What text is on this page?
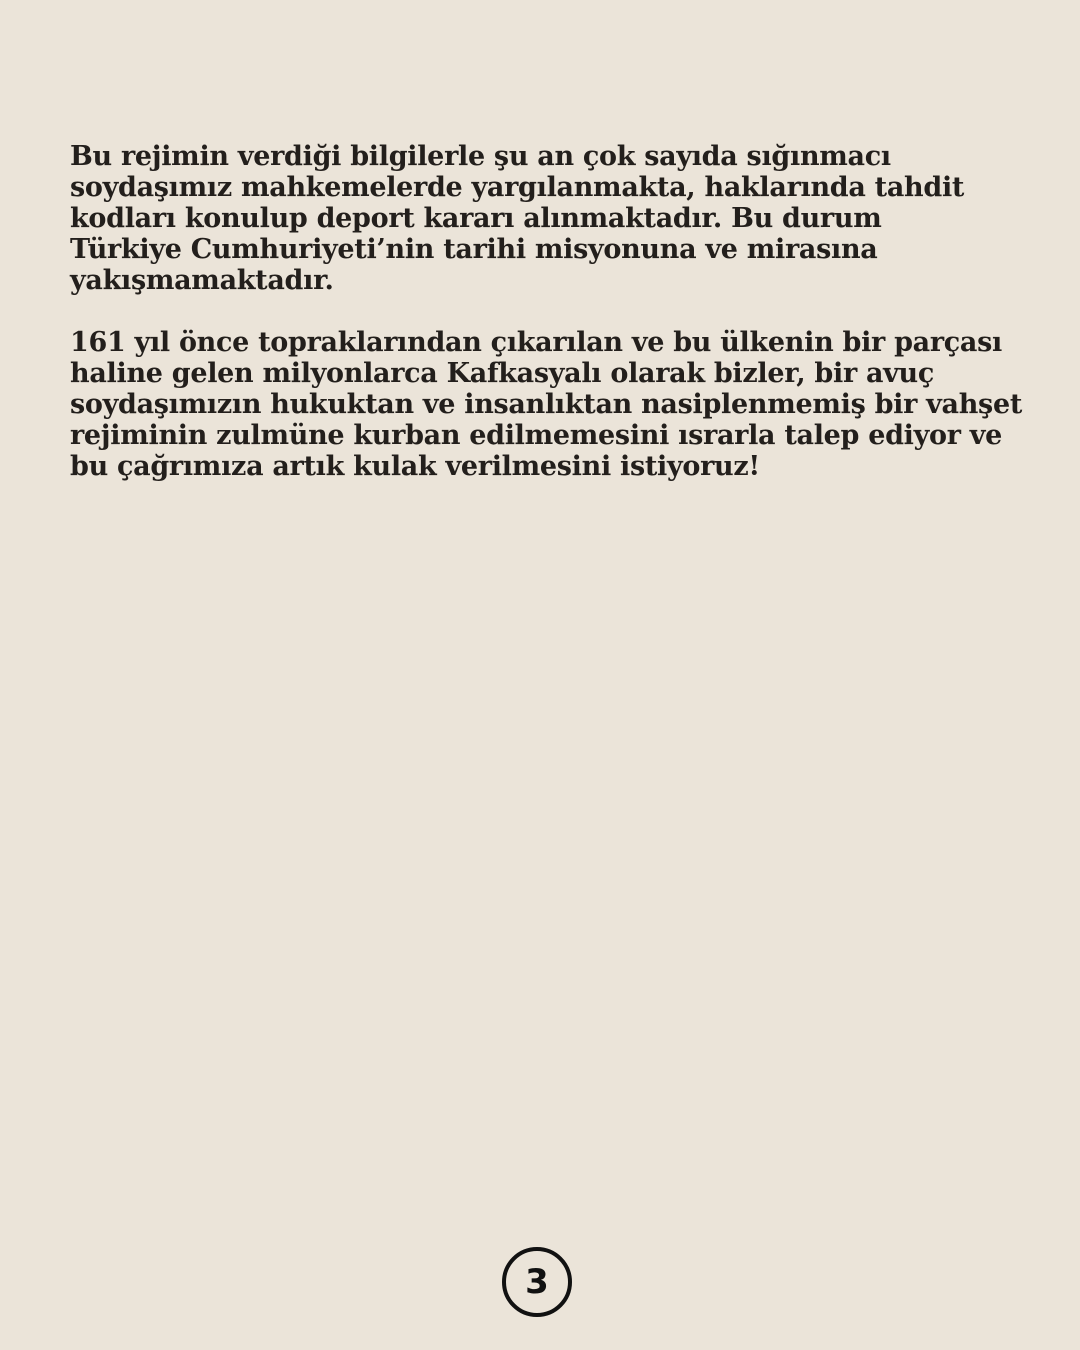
Bu rejimin verdiği bilgilerle şu an çok sayıda sığınmacı
soydaşımız mahkemelerde yargılanmakta, haklarında tahdit
kodları konulup deport kararı alınmaktadır. Bu durum
Türkiye Cumhuriyeti’nin tarihi misyonuna ve mirasına
yakışmamaktadır.
161 yıl önce topraklarından çıkarılan ve bu ülkenin bir parçası
haline gelen milyonlarca Kafkasyalı olarak bizler, bir avuç
soydaşımızın hukuktan ve insanlıktan nasiplenmemiş bir vahşet
rejiminin zulmüne kurban edilmemesini ısrarla talep ediyor ve
bu çağrımıza artık kulak verilmesini istiyoruz!
3
